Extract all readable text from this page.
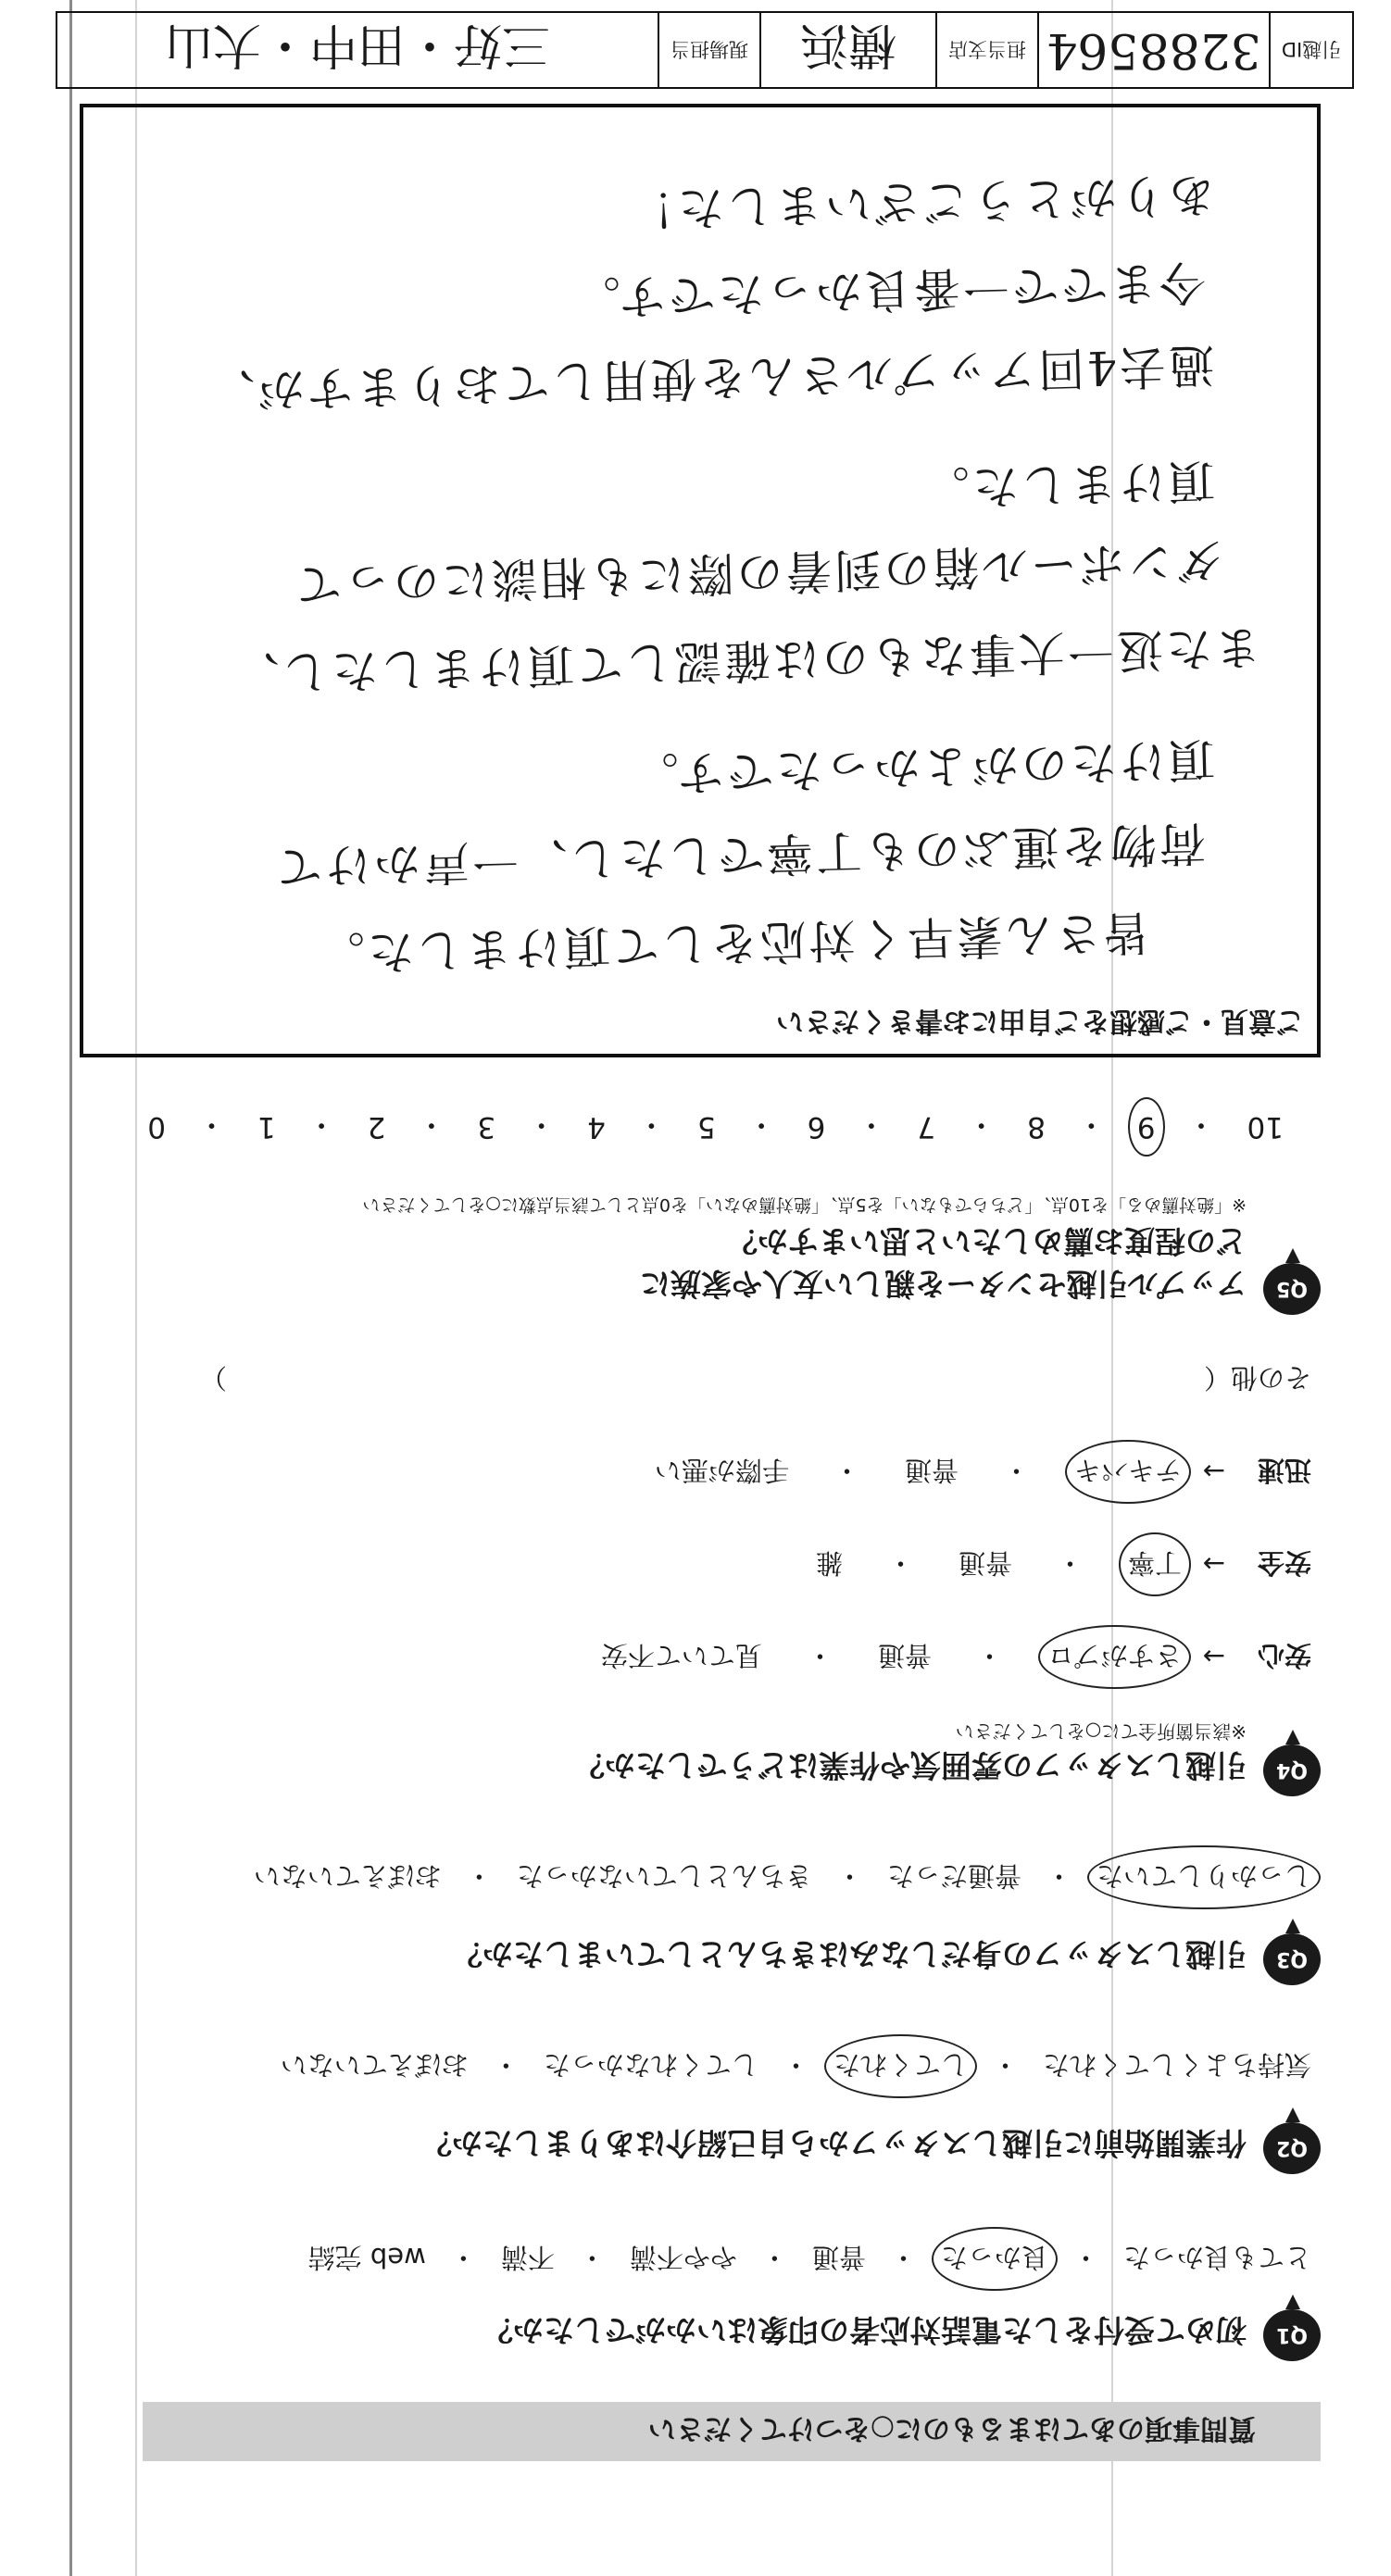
質問事項のあてはまるものに○をつけてください
Q1
初めて受付をした電話対応者の印象はいかがでしたか？
とても良かった
・
良かった
・
普通
・
やや不満
・
不満
・
web 完結
Q2
作業開始前に引越しスタッフから自己紹介はありましたか？
気持ちよくしてくれた
・
してくれた
・
してくれなかった
・
おぼえていない
Q3
引越しスタッフの身だしなみはきちんとしていましたか？
しっかりしていた
・
普通だった
・
きちんとしていなかった
・
おぼえていない
Q4
引越しスタッフの雰囲気や作業はどうでしたか？
※該当箇所全てに○をしてください
安心
→
さすがプロ
・
普通
・
見ていて不安
安全
→
丁寧
・
普通
・
雑
迅速
→
テキパキ
・
普通
・
手際が悪い
その他（
）
Q5
アップル引越センターを親しい友人や家族に
どの程度お薦めしたいと思いますか？
※「絶対薦める」を10点、「どちらでもない」を5点、「絶対薦めない」を0点として該当点数に○をしてください
10
・
9
・
8
・
7
・
6
・
5
・
4
・
3
・
2
・
1
・
0
ご意見・ご感想をご自由にお書きください
皆さん素早く対応をして頂けました。
荷物を運ぶのも丁寧でしたし、一声かけて
頂けたのがよかったです。
また返一大事なものは確認して頂けましたし、
ダンボール箱の到着の際にも相談にのって
頂けました。
過去4回アップルさんを使用しておりますが、
今までで一番良かったです。
ありがとうございました！
引越ID
3288564
担当支店
横浜
現場担当
三好・田中・大山
